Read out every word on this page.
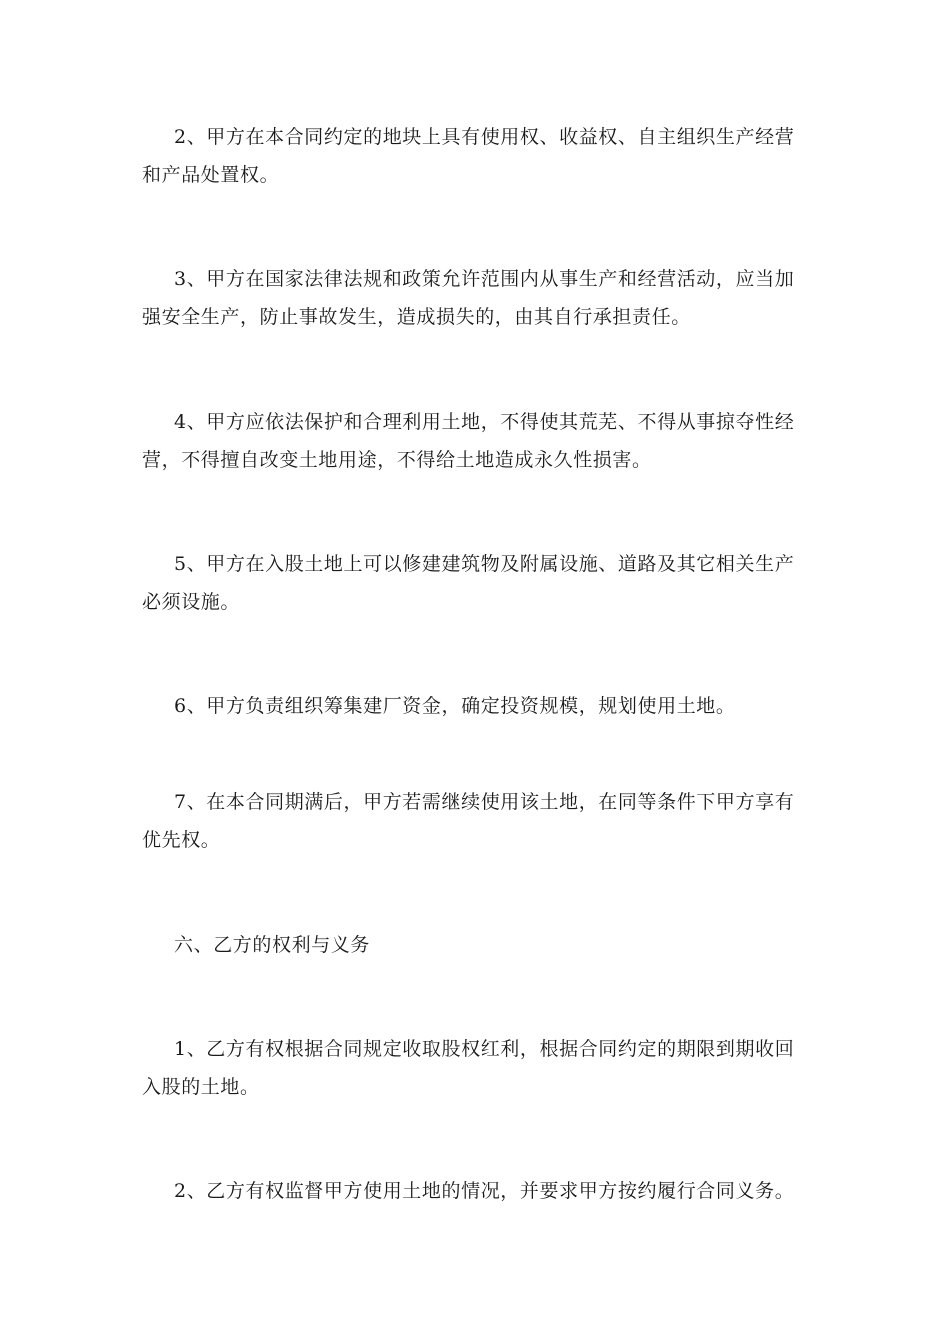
2、甲方在本合同约定的地块上具有使用权、收益权、自主组织生产经营和产品处置权。

3、甲方在国家法律法规和政策允许范围内从事生产和经营活动，应当加强安全生产，防止事故发生，造成损失的，由其自行承担责任。

4、甲方应依法保护和合理利用土地，不得使其荒芜、不得从事掠夺性经营，不得擅自改变土地用途，不得给土地造成永久性损害。

5、甲方在入股土地上可以修建建筑物及附属设施、道路及其它相关生产必须设施。

6、甲方负责组织筹集建厂资金，确定投资规模，规划使用土地。

7、在本合同期满后，甲方若需继续使用该土地，在同等条件下甲方享有优先权。

六、乙方的权利与义务

1、乙方有权根据合同规定收取股权红利，根据合同约定的期限到期收回入股的土地。

2、乙方有权监督甲方使用土地的情况，并要求甲方按约履行合同义务。
